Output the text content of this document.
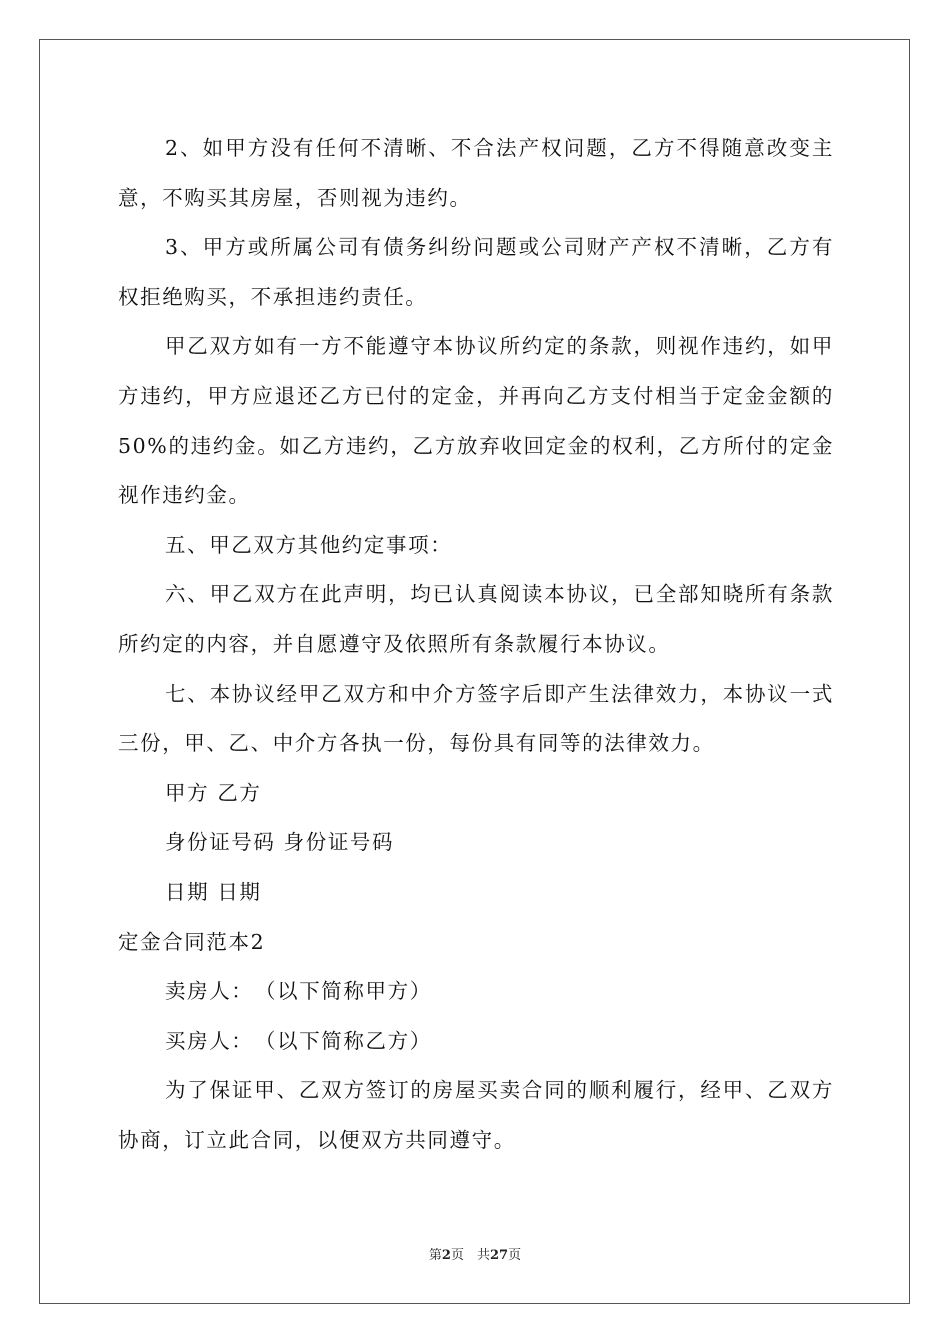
2、如甲方没有任何不清晰、不合法产权问题，乙方不得随意改变主意，不购买其房屋，否则视为违约。

3、甲方或所属公司有债务纠纷问题或公司财产产权不清晰，乙方有权拒绝购买，不承担违约责任。

甲乙双方如有一方不能遵守本协议所约定的条款，则视作违约，如甲方违约，甲方应退还乙方已付的定金，并再向乙方支付相当于定金金额的50%的违约金。如乙方违约，乙方放弃收回定金的权利，乙方所付的定金视作违约金。

五、甲乙双方其他约定事项：

六、甲乙双方在此声明，均已认真阅读本协议，已全部知晓所有条款所约定的内容，并自愿遵守及依照所有条款履行本协议。

七、本协议经甲乙双方和中介方签字后即产生法律效力，本协议一式三份，甲、乙、中介方各执一份，每份具有同等的法律效力。

甲方 乙方

身份证号码 身份证号码

日期 日期

定金合同范本2

卖房人：　（以下简称甲方）

买房人：　（以下简称乙方）

为了保证甲、乙双方签订的房屋买卖合同的顺利履行，经甲、乙双方协商，订立此合同，以便双方共同遵守。

第2页　共27页
